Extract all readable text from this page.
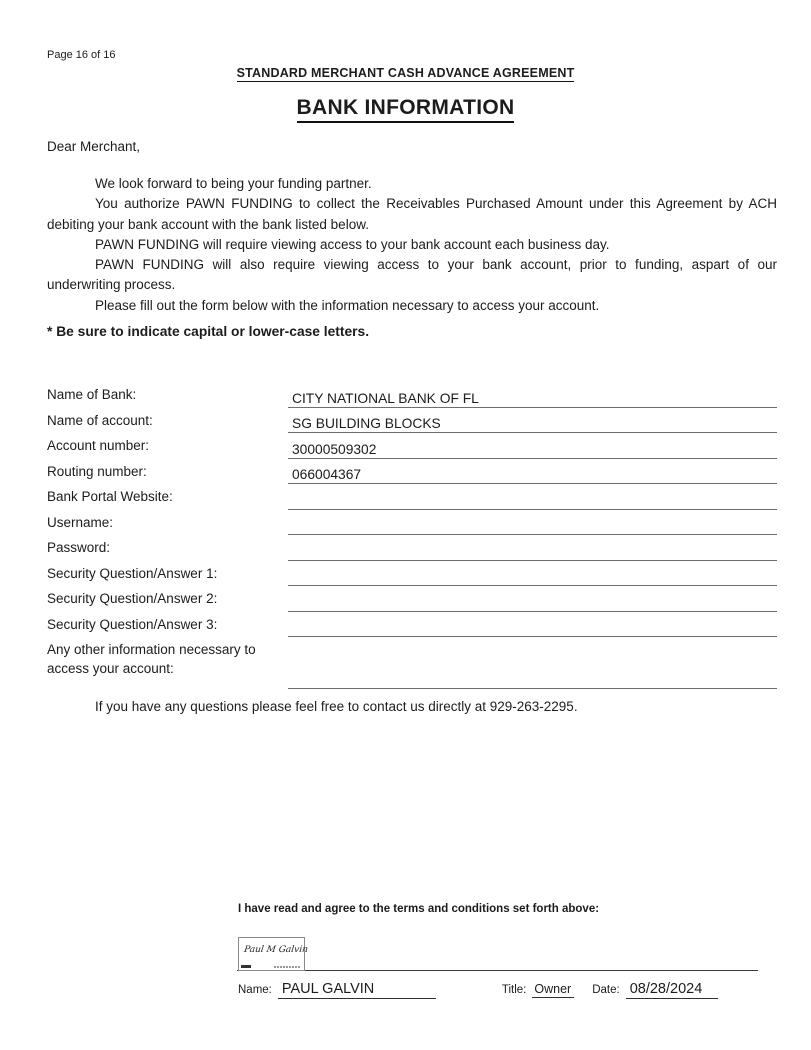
Page 16 of 16
STANDARD MERCHANT CASH ADVANCE AGREEMENT
BANK INFORMATION
Dear Merchant,

We look forward to being your funding partner.

You authorize PAWN FUNDING to collect the Receivables Purchased Amount under this Agreement by ACH debiting your bank account with the bank listed below.

PAWN FUNDING will require viewing access to your bank account each business day.

PAWN FUNDING will also require viewing access to your bank account, prior to funding, aspart of our underwriting process.

Please fill out the form below with the information necessary to access your account.

* Be sure to indicate capital or lower-case letters.
Name of Bank:	CITY NATIONAL BANK OF FL
Name of account:	SG BUILDING BLOCKS
Account number:	30000509302
Routing number:	066004367
Bank Portal Website:
Username:
Password:
Security Question/Answer 1:
Security Question/Answer 2:
Security Question/Answer 3:
Any other information necessary to access your account:
If you have any questions please feel free to contact us directly at 929-263-2295.
I have read and agree to the terms and conditions set forth above:
Paul M Galvin
Name: PAUL GALVIN	Title: Owner Date: 08/28/2024
